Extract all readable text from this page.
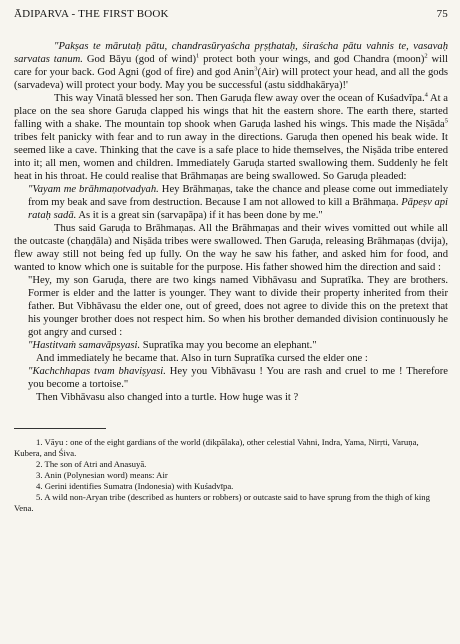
ĀDIPARVA - THE FIRST BOOK	75

"Pakṣas te mārutaḥ pātu, chandrasūryaścha pṛṣṭhataḥ, śiraścha pātu vahnis te, vasavaḥ sarvatas tanum. God Bāyu (god of wind)$^1$ protect both your wings, and god Chandra (moon)$^2$ will care for your back. God Agni (god of fire) and god Anin$^3$(Air) will protect your head, and all the gods (sarvadeva) will protect your body. May you be successful (astu siddhakārya)!'

This way Vinatā blessed her son. Then Garuḍa flew away over the ocean of Kuśadvīpa.$^4$ At a place on the sea shore Garuḍa clapped his wings that hit the eastern shore. The earth there, started falling with a shake. The mountain top shook when Garuḍa lashed his wings. This made the Niṣāda$^5$ tribes felt panicky with fear and to run away in the directions. Garuḍa then opened his beak wide. It seemed like a cave. Thinking that the cave is a safe place to hide themselves, the Niṣāda tribe entered into it; all men, women and children. Immediately Garuḍa started swallowing them. Suddenly he felt heat in his throat. He could realise that Brāhmaṇas are being swallowed. So Garuḍa pleaded:

"Vayam me brāhmaṇotvadyah. Hey Brāhmaṇas, take the chance and please come out immediately from my beak and save from destruction. Because I am not allowed to kill a Brāhmaṇa. Pāpeṣv api rataḥ sadā. As it is a great sin (sarvapāpa) if it has been done by me."

Thus said Garuḍa to Brāhmaṇas. All the Brāhmaṇas and their wives vomitted out while all the outcaste (chaṇḍāla) and Niṣāda tribes were swallowed. Then Garuḍa, releasing Brāhmaṇas (dvija), flew away still not being fed up fully. On the way he saw his father, and asked him for food, and wanted to know which one is suitable for the purpose. His father showed him the direction and said :

"Hey, my son Garuḍa, there are two kings named Vibhāvasu and Supratīka. They are brothers. Former is elder and the latter is younger. They want to divide their property inherited from their father. But Vibhāvasu the elder one, out of greed, does not agree to divide this on the pretext that his younger brother does not respect him. So when his brother demanded division continuously he got angry and cursed :

"Hastitvaṁ samavāpsyasi. Supratīka may you become an elephant."

And immediately he became that. Also in turn Supratīka cursed the elder one :

"Kachchhapas tvam bhaviṣyasi. Hey you Vibhāvasu ! You are rash and cruel to me ! Therefore you become a tortoise."

Then Vibhāvasu also changed into a turtle. How huge was it ?

1. Vāyu : one of the eight gardians of the world (dikpālaka), other celestial Vahni, Indra, Yama, Nirṛti, Varuṇa, Kubera, and Śiva.

2. The son of Atri and Anasuyā.

3. Anin (Polynesian word) means: Air

4. Gerini identifies Sumatra (Indonesia) with Kuśadvīpa.

5. A wild non-Aryan tribe (described as hunters or robbers) or outcaste said to have sprung from the thigh of king Vena.
